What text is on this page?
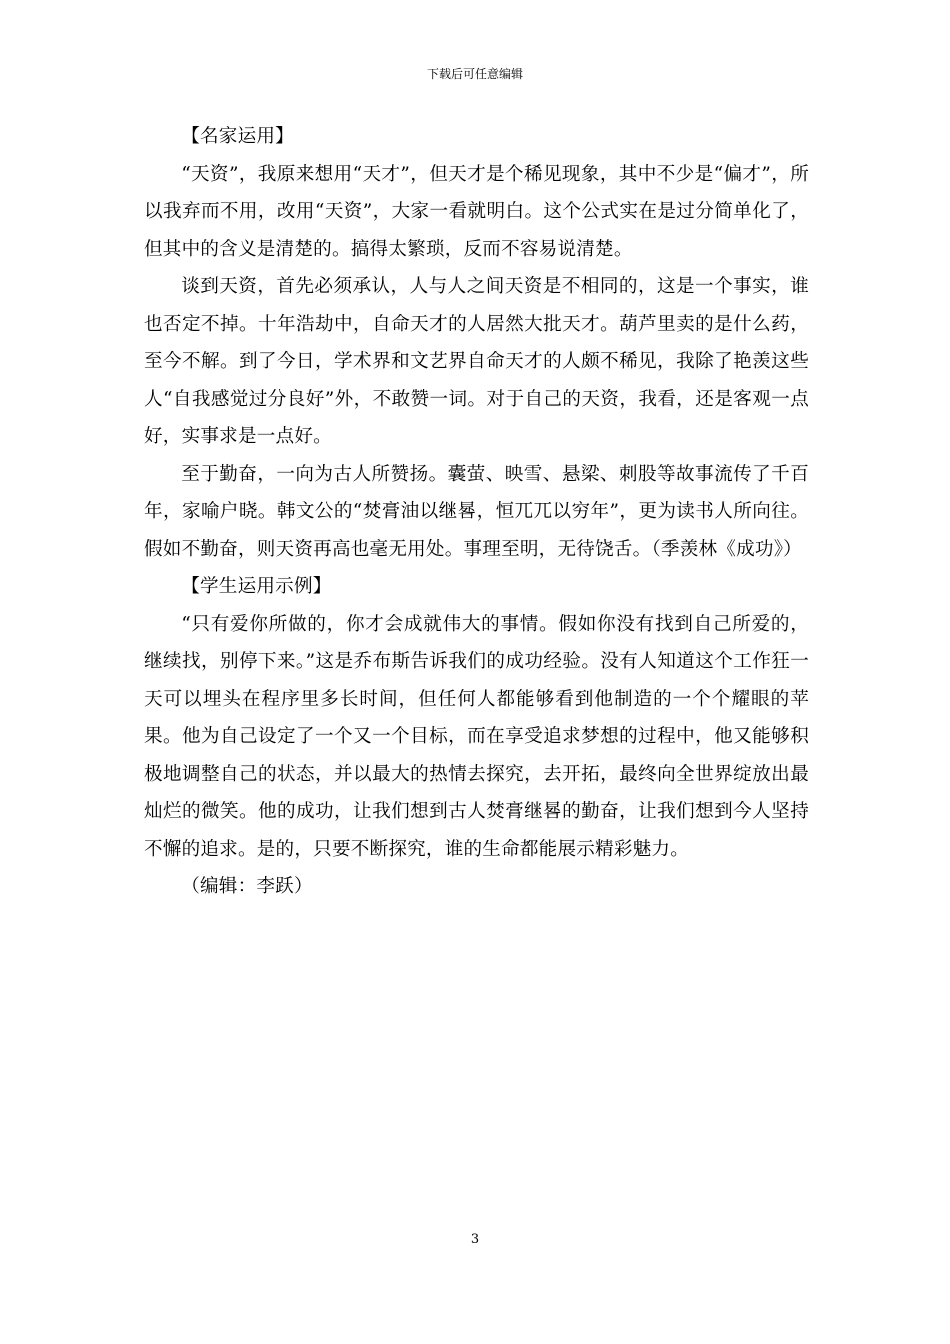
下载后可任意编辑

【名家运用】

“天资”，我原来想用“天才”，但天才是个稀见现象，其中不少是“偏才”，所以我弃而不用，改用“天资”，大家一看就明白。这个公式实在是过分简单化了，但其中的含义是清楚的。搞得太繁琐，反而不容易说清楚。

谈到天资，首先必须承认，人与人之间天资是不相同的，这是一个事实，谁也否定不掉。十年浩劫中，自命天才的人居然大批天才。葫芦里卖的是什么药，至今不解。到了今日，学术界和文艺界自命天才的人颇不稀见，我除了艳羡这些人“自我感觉过分良好”外，不敢赞一词。对于自己的天资，我看，还是客观一点好，实事求是一点好。

至于勤奋，一向为古人所赞扬。囊萤、映雪、悬梁、刺股等故事流传了千百年，家喻户晓。韩文公的“焚膏油以继晷，恒兀兀以穷年”，更为读书人所向往。假如不勤奋，则天资再高也毫无用处。事理至明，无待饶舌。（季羡林《成功》）

【学生运用示例】

“只有爱你所做的，你才会成就伟大的事情。假如你没有找到自己所爱的，继续找，别停下来。”这是乔布斯告诉我们的成功经验。没有人知道这个工作狂一天可以埋头在程序里多长时间，但任何人都能够看到他制造的一个个耀眼的苹果。他为自己设定了一个又一个目标，而在享受追求梦想的过程中，他又能够积极地调整自己的状态，并以最大的热情去探究，去开拓，最终向全世界绽放出最灿烂的微笑。他的成功，让我们想到古人焚膏继晷的勤奋，让我们想到今人坚持不懈的追求。是的，只要不断探究，谁的生命都能展示精彩魅力。

（编辑：李跃）

3
